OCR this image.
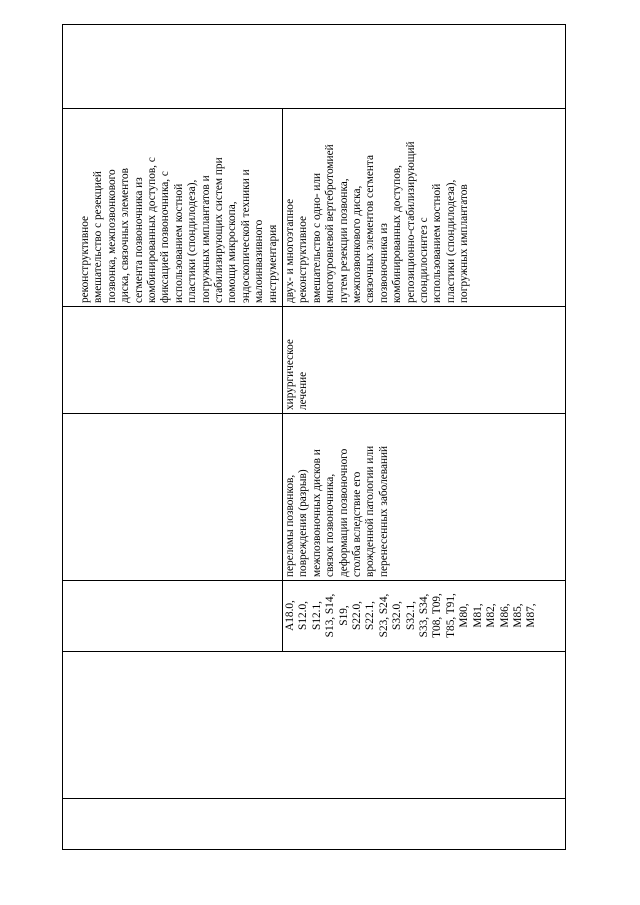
реконструктивное вмешательство с резекцией позвонка, межпозвонкового диска, связочных элементов сегмента позвоночника из комбинированных доступов, с фиксацией позвоночника, с использованием костной пластики (спондилодеза), погружных имплантатов и стабилизирующих систем при помощи микроскопа, эндоскопической техники и малоинвазивного инструментария двух- и многоэтапное реконструктивное вмешательство с одно- или многоуровневой вертебротомией путем резекции позвонка, межпозвонкового диска, связочных элементов сегмента позвоночника из комбинированных доступов, репозиционно-стабилизирующий спондилосинтез с использованием костной пластики (спондилодеза), погружных имплантатов
хирургическое лечение
переломы позвонков, повреждения (разрыв) межпозвоночных дисков и связок позвоночника, деформации позвоночного столба вследствие его врожденной патологии или перенесенных заболеваний
A18.0, S12.0, S12.1, S13, S14, S19, S22.0, S22.1, S23, S24, S32.0, S32.1, S33, S34, T08, T09, T85, T91, M80, M81, M82, M86, M85, M87,
